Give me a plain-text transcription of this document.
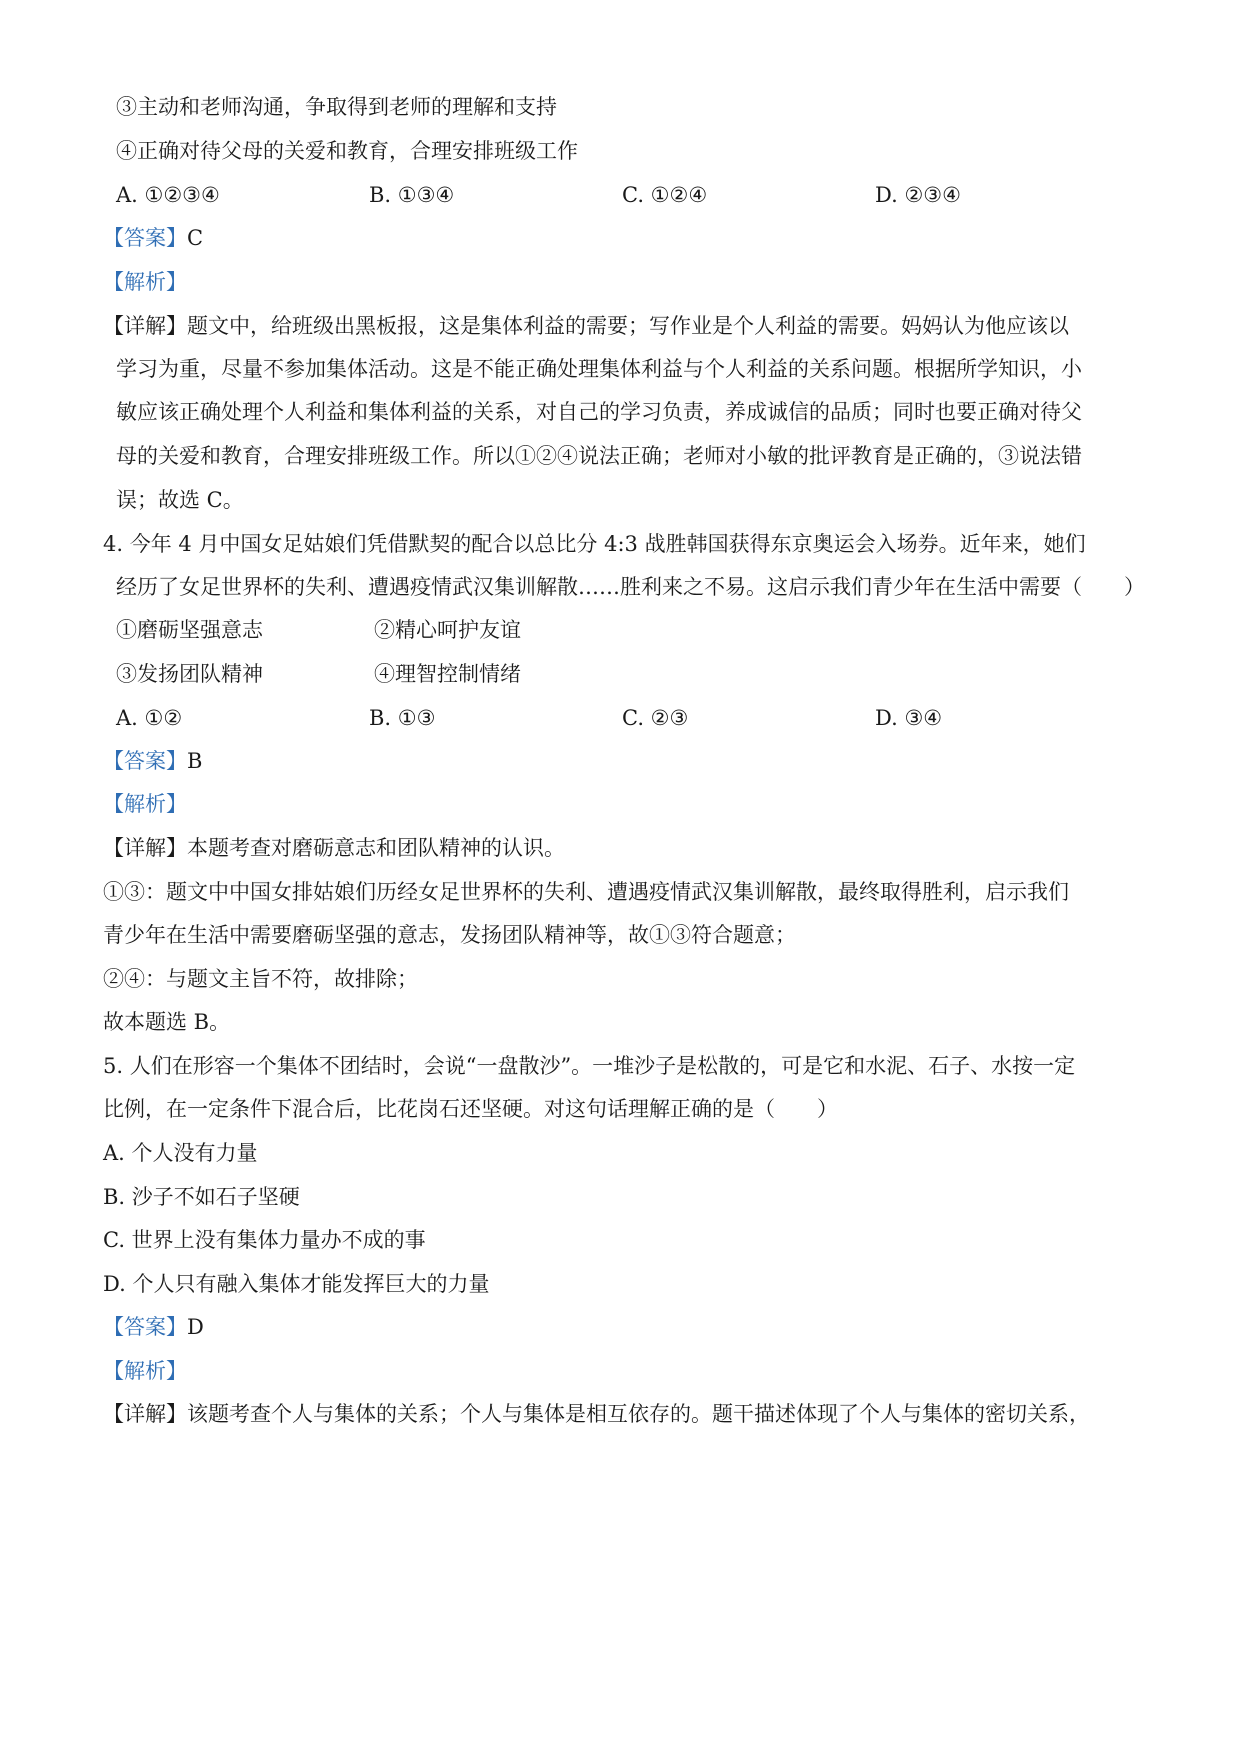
③主动和老师沟通，争取得到老师的理解和支持
④正确对待父母的关爱和教育，合理安排班级工作
A. ①②③④	B. ①③④	C. ①②④	D. ②③④
【答案】C
【解析】
【详解】题文中，给班级出黑板报，这是集体利益的需要；写作业是个人利益的需要。妈妈认为他应该以
学习为重，尽量不参加集体活动。这是不能正确处理集体利益与个人利益的关系问题。根据所学知识，小
敏应该正确处理个人利益和集体利益的关系，对自己的学习负责，养成诚信的品质；同时也要正确对待父
母的关爱和教育，合理安排班级工作。所以①②④说法正确；老师对小敏的批评教育是正确的，③说法错
误；故选 C。
4. 今年 4 月中国女足姑娘们凭借默契的配合以总比分 4:3 战胜韩国获得东京奥运会入场券。近年来，她们
经历了女足世界杯的失利、遭遇疫情武汉集训解散……胜利来之不易。这启示我们青少年在生活中需要（　　）
①磨砺坚强意志	②精心呵护友谊
③发扬团队精神	④理智控制情绪
A. ①②	B. ①③	C. ②③	D. ③④
【答案】B
【解析】
【详解】本题考查对磨砺意志和团队精神的认识。
①③：题文中中国女排姑娘们历经女足世界杯的失利、遭遇疫情武汉集训解散，最终取得胜利，启示我们
青少年在生活中需要磨砺坚强的意志，发扬团队精神等，故①③符合题意；
②④：与题文主旨不符，故排除；
故本题选 B。
5. 人们在形容一个集体不团结时，会说“一盘散沙”。一堆沙子是松散的，可是它和水泥、石子、水按一定
比例，在一定条件下混合后，比花岗石还坚硬。对这句话理解正确的是（　　）
A. 个人没有力量
B. 沙子不如石子坚硬
C. 世界上没有集体力量办不成的事
D. 个人只有融入集体才能发挥巨大的力量
【答案】D
【解析】
【详解】该题考查个人与集体的关系；个人与集体是相互依存的。题干描述体现了个人与集体的密切关系，
